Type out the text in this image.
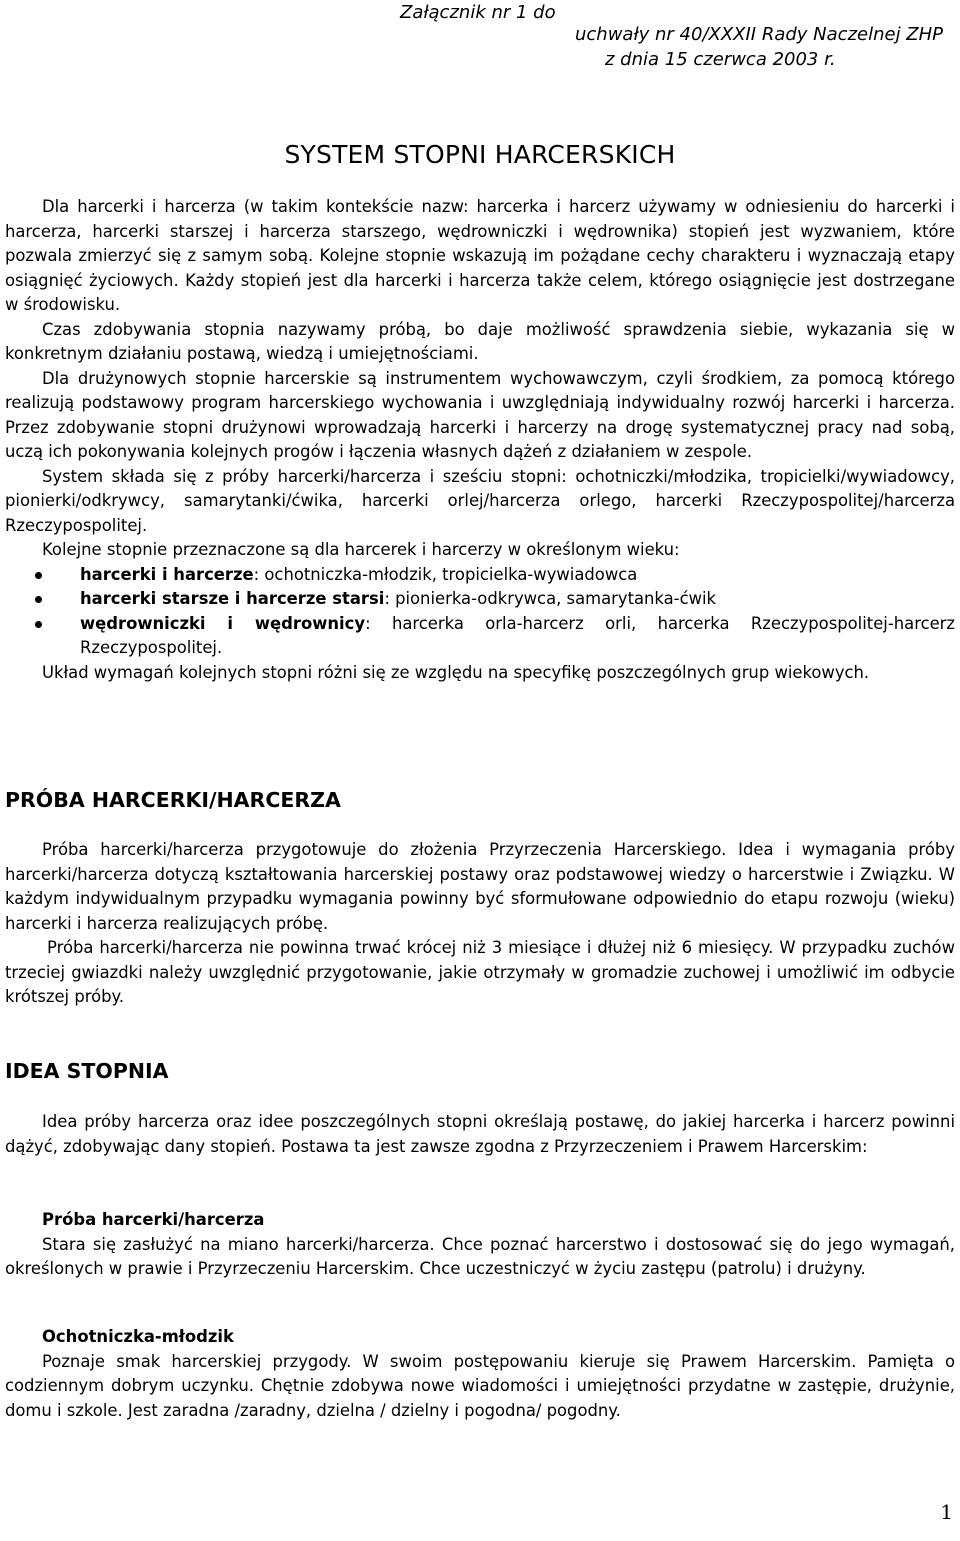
Załącznik nr 1 do
uchwały nr 40/XXXII Rady Naczelnej ZHP
z dnia 15 czerwca 2003 r.
SYSTEM STOPNI HARCERSKICH

Dla harcerki i harcerza (w takim kontekście nazw: harcerka i harcerz używamy w odniesieniu do harcerki i harcerza, harcerki starszej i harcerza starszego, wędrowniczki i wędrownika) stopień jest wyzwaniem, które pozwala zmierzyć się z samym sobą. Kolejne stopnie wskazują im pożądane cechy charakteru i wyznaczają etapy osiągnięć życiowych. Każdy stopień jest dla harcerki i harcerza także celem, którego osiągnięcie jest dostrzegane w środowisku.

Czas zdobywania stopnia nazywamy próbą, bo daje możliwość sprawdzenia siebie, wykazania się w konkretnym działaniu postawą, wiedzą i umiejętnościami.

Dla drużynowych stopnie harcerskie są instrumentem wychowawczym, czyli środkiem, za pomocą którego realizują podstawowy program harcerskiego wychowania i uwzględniają indywidualny rozwój harcerki i harcerza. Przez zdobywanie stopni drużynowi wprowadzają harcerki i harcerzy na drogę systematycznej pracy nad sobą, uczą ich pokonywania kolejnych progów i łączenia własnych dążeń z działaniem w zespole.

System składa się z próby harcerki/harcerza i sześciu stopni: ochotniczki/młodzika, tropicielki/wywiadowcy, pionierki/odkrywcy, samarytanki/ćwika, harcerki orlej/harcerza orlego, harcerki Rzeczypospolitej/harcerza Rzeczypospolitej.

Kolejne stopnie przeznaczone są dla harcerek i harcerzy w określonym wieku:

harcerki i harcerze: ochotniczka-młodzik, tropicielka-wywiadowca
harcerki starsze i harcerze starsi: pionierka-odkrywca, samarytanka-ćwik
wędrowniczki i wędrownicy: harcerka orla-harcerz orli, harcerka Rzeczypospolitej-harcerz Rzeczypospolitej.

Układ wymagań kolejnych stopni różni się ze względu na specyfikę poszczególnych grup wiekowych.

PRÓBA HARCERKI/HARCERZA

Próba harcerki/harcerza przygotowuje do złożenia Przyrzeczenia Harcerskiego. Idea i wymagania próby harcerki/harcerza dotyczą kształtowania harcerskiej postawy oraz podstawowej wiedzy o harcerstwie i Związku. W każdym indywidualnym przypadku wymagania powinny być sformułowane odpowiednio do etapu rozwoju (wieku) harcerki i harcerza realizujących próbę.

Próba harcerki/harcerza nie powinna trwać krócej niż 3 miesiące i dłużej niż 6 miesięcy. W przypadku zuchów trzeciej gwiazdki należy uwzględnić przygotowanie, jakie otrzymały w gromadzie zuchowej i umożliwić im odbycie krótszej próby.

IDEA STOPNIA

Idea próby harcerza oraz idee poszczególnych stopni określają postawę, do jakiej harcerka i harcerz powinni dążyć, zdobywając dany stopień. Postawa ta jest zawsze zgodna z Przyrzeczeniem i Prawem Harcerskim:

Próba harcerki/harcerza

Stara się zasłużyć na miano harcerki/harcerza. Chce poznać harcerstwo i dostosować się do jego wymagań, określonych w prawie i Przyrzeczeniu Harcerskim. Chce uczestniczyć w życiu zastępu (patrolu) i drużyny.

Ochotniczka-młodzik

Poznaje smak harcerskiej przygody. W swoim postępowaniu kieruje się Prawem Harcerskim. Pamięta o codziennym dobrym uczynku. Chętnie zdobywa nowe wiadomości i umiejętności przydatne w zastępie, drużynie, domu i szkole. Jest zaradna /zaradny, dzielna / dzielny i pogodna/ pogodny.

1
